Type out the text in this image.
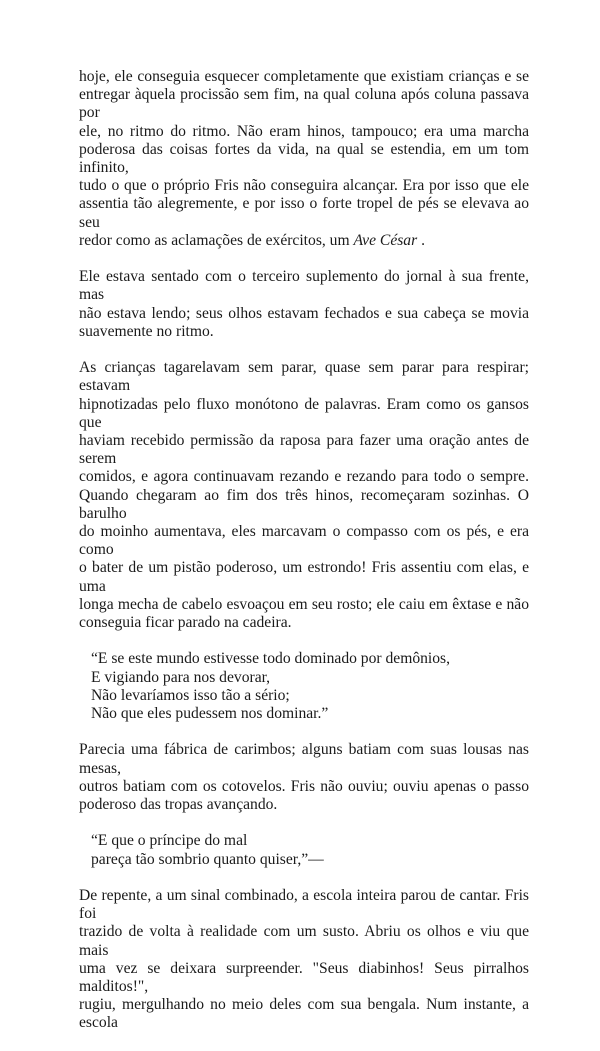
hoje, ele conseguia esquecer completamente que existiam crianças e se
entregar àquela procissão sem fim, na qual coluna após coluna passava por
ele, no ritmo do ritmo. Não eram hinos, tampouco; era uma marcha
poderosa das coisas fortes da vida, na qual se estendia, em um tom infinito,
tudo o que o próprio Fris não conseguira alcançar. Era por isso que ele
assentia tão alegremente, e por isso o forte tropel de pés se elevava ao seu
redor como as aclamações de exércitos, um Ave César .

Ele estava sentado com o terceiro suplemento do jornal à sua frente, mas
não estava lendo; seus olhos estavam fechados e sua cabeça se movia
suavemente no ritmo.

As crianças tagarelavam sem parar, quase sem parar para respirar; estavam
hipnotizadas pelo fluxo monótono de palavras. Eram como os gansos que
haviam recebido permissão da raposa para fazer uma oração antes de serem
comidos, e agora continuavam rezando e rezando para todo o sempre.
Quando chegaram ao fim dos três hinos, recomeçaram sozinhas. O barulho
do moinho aumentava, eles marcavam o compasso com os pés, e era como
o bater de um pistão poderoso, um estrondo! Fris assentiu com elas, e uma
longa mecha de cabelo esvoaçou em seu rosto; ele caiu em êxtase e não
conseguia ficar parado na cadeira.

“E se este mundo estivesse todo dominado por demônios,
E vigiando para nos devorar,
Não levaríamos isso tão a sério;
Não que eles pudessem nos dominar.”

Parecia uma fábrica de carimbos; alguns batiam com suas lousas nas mesas,
outros batiam com os cotovelos. Fris não ouviu; ouviu apenas o passo
poderoso das tropas avançando.

“E que o príncipe do mal
pareça tão sombrio quanto quiser,”—

De repente, a um sinal combinado, a escola inteira parou de cantar. Fris foi
trazido de volta à realidade com um susto. Abriu os olhos e viu que mais
uma vez se deixara surpreender. "Seus diabinhos! Seus pirralhos malditos!",
rugiu, mergulhando no meio deles com sua bengala. Num instante, a escola
